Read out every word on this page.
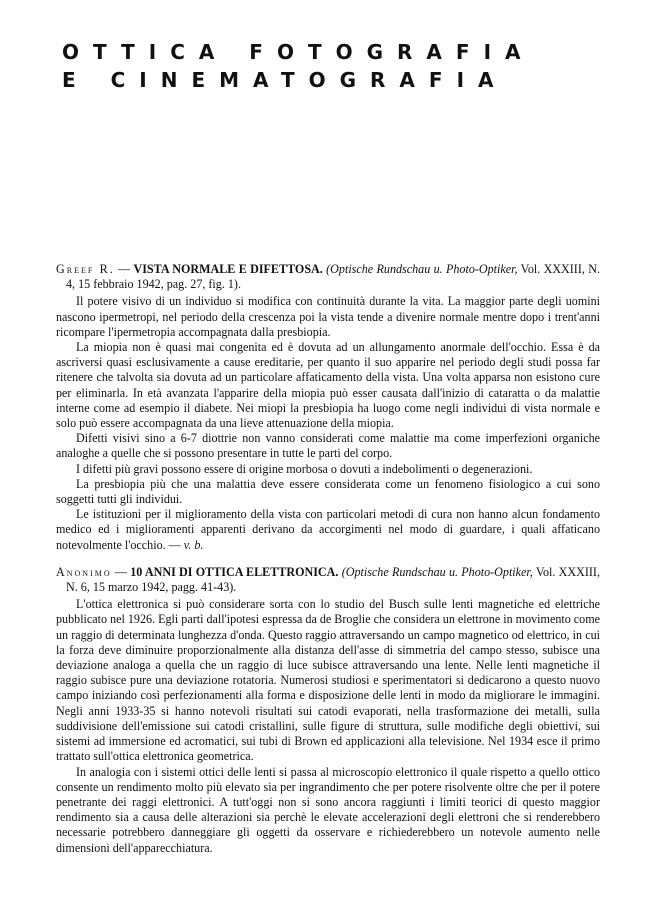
OTTICA FOTOGRAFIA
E CINEMATOGRAFIA
Greef R. — VISTA NORMALE E DIFETTOSA. (Optische Rundschau u. Photo-Optiker, Vol. XXXIII, N. 4, 15 febbraio 1942, pag. 27, fig. 1).

Il potere visivo di un individuo si modifica con continuità durante la vita. La maggior parte degli uomini nascono ipermetropi, nel periodo della crescenza poi la vista tende a divenire normale mentre dopo i trent'anni ricompare l'ipermetropia accompagnata dalla presbiopia.

La miopia non è quasi mai congenita ed è dovuta ad un allungamento anormale dell'occhio. Essa è da ascriversi quasi esclusivamente a cause ereditarie, per quanto il suo apparire nel periodo degli studi possa far ritenere che talvolta sia dovuta ad un particolare affaticamento della vista. Una volta apparsa non esistono cure per eliminarla. In età avanzata l'apparire della miopia può esser causata dall'inizio di cataratta o da malattie interne come ad esempio il diabete. Nei miopi la presbiopia ha luogo come negli individui di vista normale e solo può essere accompagnata da una lieve attenuazione della miopia.

Difetti visivi sino a 6-7 diottrie non vanno considerati come malattie ma come imperfezioni organiche analoghe a quelle che si possono presentare in tutte le parti del corpo.

I difetti più gravi possono essere di origine morbosa o dovuti a indebolimenti o degenerazioni.

La presbiopia più che una malattia deve essere considerata come un fenomeno fisiologico a cui sono soggetti tutti gli individui.

Le istituzioni per il miglioramento della vista con particolari metodi di cura non hanno alcun fondamento medico ed i miglioramenti apparenti derivano da accorgimenti nel modo di guardare, i quali affaticano notevolmente l'occhio. — v. b.

Anonimo — 10 ANNI DI OTTICA ELETTRONICA. (Optische Rundschau u. Photo-Optiker, Vol. XXXIII, N. 6, 15 marzo 1942, pagg. 41-43).

L'ottica elettronica si può considerare sorta con lo studio del Busch sulle lenti magnetiche ed elettriche pubblicato nel 1926. Egli partì dall'ipotesi espressa da de Broglie che considera un elettrone in movimento come un raggio di determinata lunghezza d'onda. Questo raggio attraversando un campo magnetico od elettrico, in cui la forza deve diminuire proporzionalmente alla distanza dell'asse di simmetria del campo stesso, subisce una deviazione analoga a quella che un raggio di luce subisce attraversando una lente. Nelle lenti magnetiche il raggio subisce pure una deviazione rotatoria. Numerosi studiosi e sperimentatori si dedicarono a questo nuovo campo iniziando così perfezionamenti alla forma e disposizione delle lenti in modo da migliorare le immagini. Negli anni 1933-35 si hanno notevoli risultati sui catodi evaporati, nella trasformazione dei metalli, sulla suddivisione dell'emissione sui catodi cristallini, sulle figure di struttura, sulle modifiche degli obiettivi, sui sistemi ad immersione ed acromatici, sui tubi di Brown ed applicazioni alla televisione. Nel 1934 esce il primo trattato sull'ottica elettronica geometrica.

In analogia con i sistemi ottici delle lenti si passa al microscopio elettronico il quale rispetto a quello ottico consente un rendimento molto più elevato sia per ingrandimento che per potere risolvente oltre che per il potere penetrante dei raggi elettronici. A tutt'oggi non si sono ancora raggiunti i limiti teorici di questo maggior rendimento sia a causa delle alterazioni sia perchè le elevate accelerazioni degli elettroni che si renderebbero necessarie potrebbero danneggiare gli oggetti da osservare e richiederebbero un notevole aumento nelle dimensioni dell'apparecchiatura.
